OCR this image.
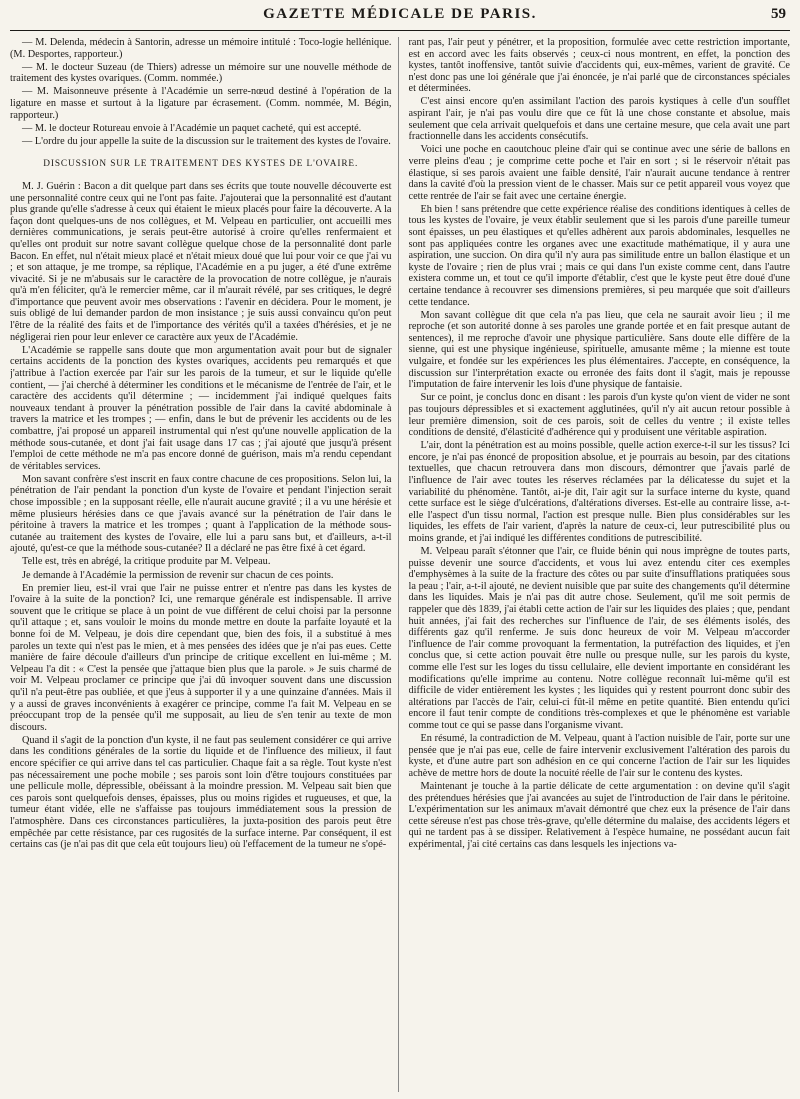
GAZETTE MÉDICALE DE PARIS.	59

— M. Delenda, médecin à Santorin, adresse un mémoire intitulé : Toco-logie hellénique. (M. Desportes, rapporteur.)

— M. le docteur Suzeau (de Thiers) adresse un mémoire sur une nouvelle méthode de traitement des kystes ovariques. (Comm. nommée.)

— M. Maisonneuve présente à l'Académie un serre-nœud destiné à l'opération de la ligature en masse et surtout à la ligature par écrasement. (Comm. nommée, M. Bégin, rapporteur.)

— M. le docteur Rotureau envoie à l'Académie un paquet cacheté, qui est accepté.

— L'ordre du jour appelle la suite de la discussion sur le traitement des kystes de l'ovaire.

DISCUSSION SUR LE TRAITEMENT DES KYSTES DE L'OVAIRE.

M. J. Guérin : Bacon a dit quelque part dans ses écrits que toute nouvelle découverte est une personnalité contre ceux qui ne l'ont pas faite. J'ajouterai que la personnalité est d'autant plus grande qu'elle s'adresse à ceux qui étaient le mieux placés pour faire la découverte. A la façon dont quelques-uns de nos collègues, et M. Velpeau en particulier, ont accueilli mes dernières communications, je serais peut-être autorisé à croire qu'elles renfermaient et qu'elles ont produit sur notre savant collègue quelque chose de la personnalité dont parle Bacon. En effet, nul n'était mieux placé et n'était mieux doué que lui pour voir ce que j'ai vu ; et son attaque, je me trompe, sa réplique, l'Académie en a pu juger, a été d'une extrême vivacité. Si je ne m'abusais sur le caractère de la provocation de notre collègue, je n'aurais qu'à m'en féliciter, qu'à le remercier même, car il m'aurait révélé, par ses critiques, le degré d'importance que peuvent avoir mes observations : l'avenir en décidera. Pour le moment, je suis obligé de lui demander pardon de mon insistance ; je suis aussi convaincu qu'on peut l'être de la réalité des faits et de l'importance des vérités qu'il a taxées d'hérésies, et je ne négligerai rien pour leur enlever ce caractère aux yeux de l'Académie.

L'Académie se rappelle sans doute que mon argumentation avait pour but de signaler certains accidents de la ponction des kystes ovariques, accidents peu remarqués et que j'attribue à l'action exercée par l'air sur les parois de la tumeur, et sur le liquide qu'elle contient, — j'ai cherché à déterminer les conditions et le mécanisme de l'entrée de l'air, et le caractère des accidents qu'il détermine ; — incidemment j'ai indiqué quelques faits nouveaux tendant à prouver la pénétration possible de l'air dans la cavité abdominale à travers la matrice et les trompes ; — enfin, dans le but de prévenir les accidents ou de les combattre, j'ai proposé un appareil instrumental qui n'est qu'une nouvelle application de la méthode sous-cutanée, et dont j'ai fait usage dans 17 cas ; j'ai ajouté que jusqu'à présent l'emploi de cette méthode ne m'a pas encore donné de guérison, mais m'a rendu cependant de véritables services.

Mon savant confrère s'est inscrit en faux contre chacune de ces propositions. Selon lui, la pénétration de l'air pendant la ponction d'un kyste de l'ovaire et pendant l'injection serait chose impossible ; en la supposant réelle, elle n'aurait aucune gravité ; il a vu une hérésie et même plusieurs hérésies dans ce que j'avais avancé sur la pénétration de l'air dans le péritoine à travers la matrice et les trompes ; quant à l'application de la méthode sous-cutanée au traitement des kystes de l'ovaire, elle lui a paru sans but, et d'ailleurs, a-t-il ajouté, qu'est-ce que la méthode sous-cutanée? Il a déclaré ne pas être fixé à cet égard.

Telle est, très en abrégé, la critique produite par M. Velpeau.

Je demande à l'Académie la permission de revenir sur chacun de ces points.

En premier lieu, est-il vrai que l'air ne puisse entrer et n'entre pas dans les kystes de l'ovaire à la suite de la ponction? Ici, une remarque générale est indispensable. Il arrive souvent que le critique se place à un point de vue différent de celui choisi par la personne qu'il attaque ; et, sans vouloir le moins du monde mettre en doute la parfaite loyauté et la bonne foi de M. Velpeau, je dois dire cependant que, bien des fois, il a substitué à mes paroles un texte qui n'est pas le mien, et à mes pensées des idées que je n'ai pas eues. Cette manière de faire découle d'ailleurs d'un principe de critique excellent en lui-même ; M. Velpeau l'a dit : « C'est la pensée que j'attaque bien plus que la parole. » Je suis charmé de voir M. Velpeau proclamer ce principe que j'ai dû invoquer souvent dans une discussion qu'il n'a peut-être pas oubliée, et que j'eus à supporter il y a une quinzaine d'années. Mais il y a aussi de graves inconvénients à exagérer ce principe, comme l'a fait M. Velpeau en se préoccupant trop de la pensée qu'il me supposait, au lieu de s'en tenir au texte de mon discours.

Quand il s'agit de la ponction d'un kyste, il ne faut pas seulement considérer ce qui arrive dans les conditions générales de la sortie du liquide et de l'influence des milieux, il faut encore spécifier ce qui arrive dans tel cas particulier. Chaque fait a sa règle. Tout kyste n'est pas nécessairement une poche mobile ; ses parois sont loin d'être toujours constituées par une pellicule molle, dépressible, obéissant à la moindre pression. M. Velpeau sait bien que ces parois sont quelquefois denses, épaisses, plus ou moins rigides et rugueuses, et que, la tumeur étant vidée, elle ne s'affaisse pas toujours immédiatement sous la pression de l'atmosphère. Dans ces circonstances particulières, la juxta-position des parois peut être empêchée par cette résistance, par ces rugosités de la surface interne. Par conséquent, il est certains cas (je n'ai pas dit que cela eût toujours lieu) où l'effacement de la tumeur ne s'opé-

rant pas, l'air peut y pénétrer, et la proposition, formulée avec cette restriction importante, est en accord avec les faits observés ; ceux-ci nous montrent, en effet, la ponction des kystes, tantôt inoffensive, tantôt suivie d'accidents qui, eux-mêmes, varient de gravité. Ce n'est donc pas une loi générale que j'ai énoncée, je n'ai parlé que de circonstances spéciales et déterminées.

C'est ainsi encore qu'en assimilant l'action des parois kystiques à celle d'un soufflet aspirant l'air, je n'ai pas voulu dire que ce fût là une chose constante et absolue, mais seulement que cela arrivait quelquefois et dans une certaine mesure, que cela avait une part fractionnelle dans les accidents consécutifs.

Voici une poche en caoutchouc pleine d'air qui se continue avec une série de ballons en verre pleins d'eau ; je comprime cette poche et l'air en sort ; si le réservoir n'était pas élastique, si ses parois avaient une faible densité, l'air n'aurait aucune tendance à rentrer dans la cavité d'où la pression vient de le chasser. Mais sur ce petit appareil vous voyez que cette rentrée de l'air se fait avec une certaine énergie.

Eh bien ! sans prétendre que cette expérience réalise des conditions identiques à celles de tous les kystes de l'ovaire, je veux établir seulement que si les parois d'une pareille tumeur sont épaisses, un peu élastiques et qu'elles adhèrent aux parois abdominales, lesquelles ne sont pas appliquées contre les organes avec une exactitude mathématique, il y aura une aspiration, une succion. On dira qu'il n'y aura pas similitude entre un ballon élastique et un kyste de l'ovaire ; rien de plus vrai ; mais ce qui dans l'un existe comme cent, dans l'autre existera comme un, et tout ce qu'il importe d'établir, c'est que le kyste peut être doué d'une certaine tendance à recouvrer ses dimensions premières, si peu marquée que soit d'ailleurs cette tendance.

Mon savant collègue dit que cela n'a pas lieu, que cela ne saurait avoir lieu ; il me reproche (et son autorité donne à ses paroles une grande portée et en fait presque autant de sentences), il me reproche d'avoir une physique particulière. Sans doute elle diffère de la sienne, qui est une physique ingénieuse, spirituelle, amusante même ; la mienne est toute vulgaire, et fondée sur les expériences les plus élémentaires. J'accepte, en conséquence, la discussion sur l'interprétation exacte ou erronée des faits dont il s'agit, mais je repousse l'imputation de faire intervenir les lois d'une physique de fantaisie.

Sur ce point, je conclus donc en disant : les parois d'un kyste qu'on vient de vider ne sont pas toujours dépressibles et si exactement agglutinées, qu'il n'y ait aucun retour possible à leur première dimension, soit de ces parois, soit de celles du ventre ; il existe telles conditions de densité, d'élasticité d'adhérence qui y produisent une véritable aspiration.

L'air, dont la pénétration est au moins possible, quelle action exerce-t-il sur les tissus? Ici encore, je n'ai pas énoncé de proposition absolue, et je pourrais au besoin, par des citations textuelles, que chacun retrouvera dans mon discours, démontrer que j'avais parlé de l'influence de l'air avec toutes les réserves réclamées par la délicatesse du sujet et la variabilité du phénomène. Tantôt, ai-je dit, l'air agit sur la surface interne du kyste, quand cette surface est le siège d'ulcérations, d'altérations diverses. Est-elle au contraire lisse, a-t-elle l'aspect d'un tissu normal, l'action est presque nulle. Bien plus considérables sur les liquides, les effets de l'air varient, d'après la nature de ceux-ci, leur putrescibilité plus ou moins grande, et j'ai indiqué les différentes conditions de putrescibilité.

M. Velpeau paraît s'étonner que l'air, ce fluide bénin qui nous imprègne de toutes parts, puisse devenir une source d'accidents, et vous lui avez entendu citer ces exemples d'emphysèmes à la suite de la fracture des côtes ou par suite d'insufflations pratiquées sous la peau ; l'air, a-t-il ajouté, ne devient nuisible que par suite des changements qu'il détermine dans les liquides. Mais je n'ai pas dit autre chose. Seulement, qu'il me soit permis de rappeler que dès 1839, j'ai établi cette action de l'air sur les liquides des plaies ; que, pendant huit années, j'ai fait des recherches sur l'influence de l'air, de ses éléments isolés, des différents gaz qu'il renferme. Je suis donc heureux de voir M. Velpeau m'accorder l'influence de l'air comme provoquant la fermentation, la putréfaction des liquides, et j'en conclus que, si cette action pouvait être nulle ou presque nulle, sur les parois du kyste, comme elle l'est sur les loges du tissu cellulaire, elle devient importante en considérant les modifications qu'elle imprime au contenu. Notre collègue reconnaît lui-même qu'il est difficile de vider entièrement les kystes ; les liquides qui y restent pourront donc subir des altérations par l'accès de l'air, celui-ci fût-il même en petite quantité. Bien entendu qu'ici encore il faut tenir compte de conditions très-complexes et que le phénomène est variable comme tout ce qui se passe dans l'organisme vivant.

En résumé, la contradiction de M. Velpeau, quant à l'action nuisible de l'air, porte sur une pensée que je n'ai pas eue, celle de faire intervenir exclusivement l'altération des parois du kyste, et d'une autre part son adhésion en ce qui concerne l'action de l'air sur les liquides achève de mettre hors de doute la nocuité réelle de l'air sur le contenu des kystes.

Maintenant je touche à la partie délicate de cette argumentation : on devine qu'il s'agit des prétendues hérésies que j'ai avancées au sujet de l'introduction de l'air dans le péritoine. L'expérimentation sur les animaux m'avait démontré que chez eux la présence de l'air dans cette séreuse n'est pas chose très-grave, qu'elle détermine du malaise, des accidents légers et qui ne tardent pas à se dissiper. Relativement à l'espèce humaine, ne possédant aucun fait expérimental, j'ai cité certains cas dans lesquels les injections va-
